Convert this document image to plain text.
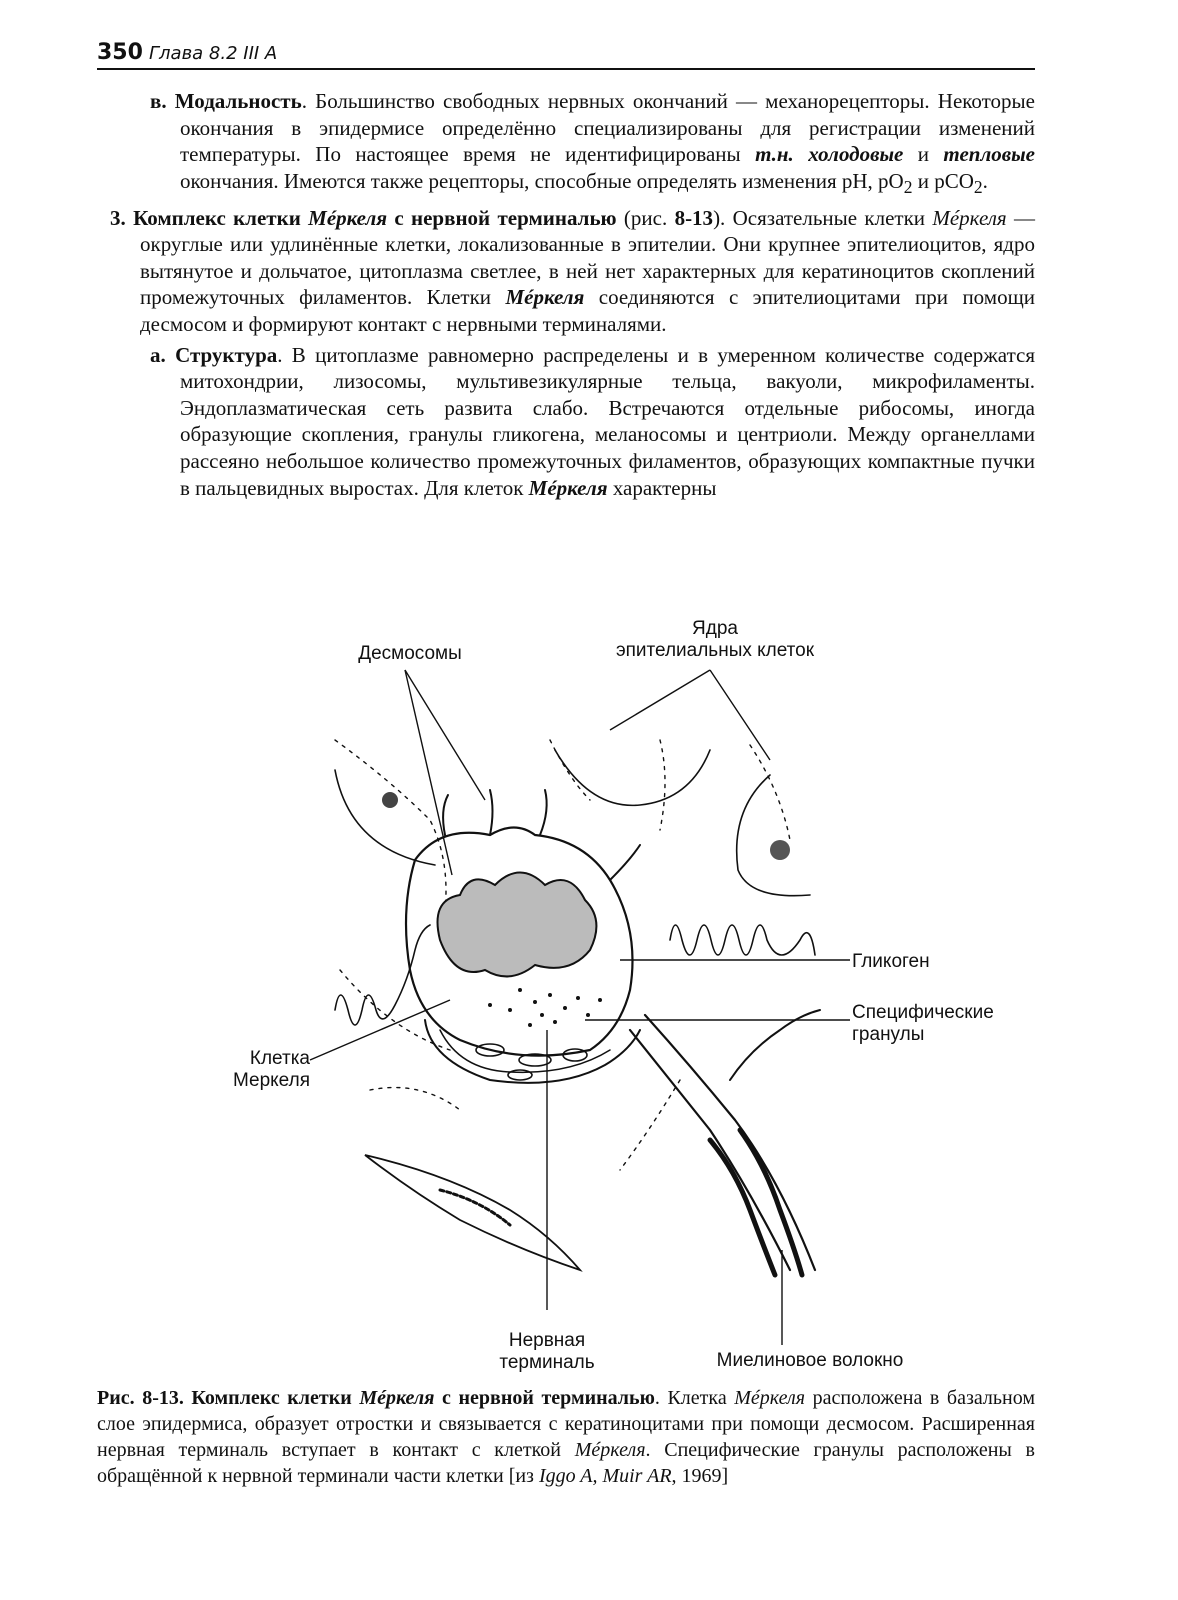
350 Глава 8.2 III А

в. Модальность. Большинство свободных нервных окончаний — механорецепторы. Некоторые окончания в эпидермисе определённо специализированы для регистрации изменений температуры. По настоящее время не идентифицированы т.н. холодовые и тепловые окончания. Имеются также рецепторы, способные определять изменения рН, $рО_2$ и рСО$_2$.

3. Комплекс клетки Мéркеля с нервной терминалью (рис. 8-13). Осязательные клетки Мéркеля — округлые или удлинённые клетки, локализованные в эпителии. Они крупнее эпителиоцитов, ядро вытянутое и дольчатое, цитоплазма светлее, в ней нет характерных для кератиноцитов скоплений промежуточных филаментов. Клетки Мéркеля соединяются с эпителиоцитами при помощи десмосом и формируют контакт с нервными терминалями.

а. Структура. В цитоплазме равномерно распределены и в умеренном количестве содержатся митохондрии, лизосомы, мультивезикулярные тельца, вакуоли, микрофиламенты. Эндоплазматическая сеть развита слабо. Встречаются отдельные рибосомы, иногда образующие скопления, гранулы гликогена, меланосомы и центриоли. Между органеллами рассеяно небольшое количество промежуточных филаментов, образующих компактные пучки в пальцевидных выростах. Для клеток Мéркеля характерны

Десмосомы
Ядра
эпителиальных клеток
Гликоген
Специфические
гранулы
Клетка
Меркеля
Нервная
терминаль	Миелиновое волокно
Рис. 8-13. Комплекс клетки Мéркеля с нервной терминалью. Клетка Мéркеля расположена в базальном слое эпидермиса, образует отростки и связывается с кератиноцитами при помощи десмосом. Расширенная нервная терминаль вступает в контакт с клеткой Мéркеля. Специфические гранулы расположены в обращённой к нервной терминали части клетки [из Iggo A, Muir AR, 1969]
